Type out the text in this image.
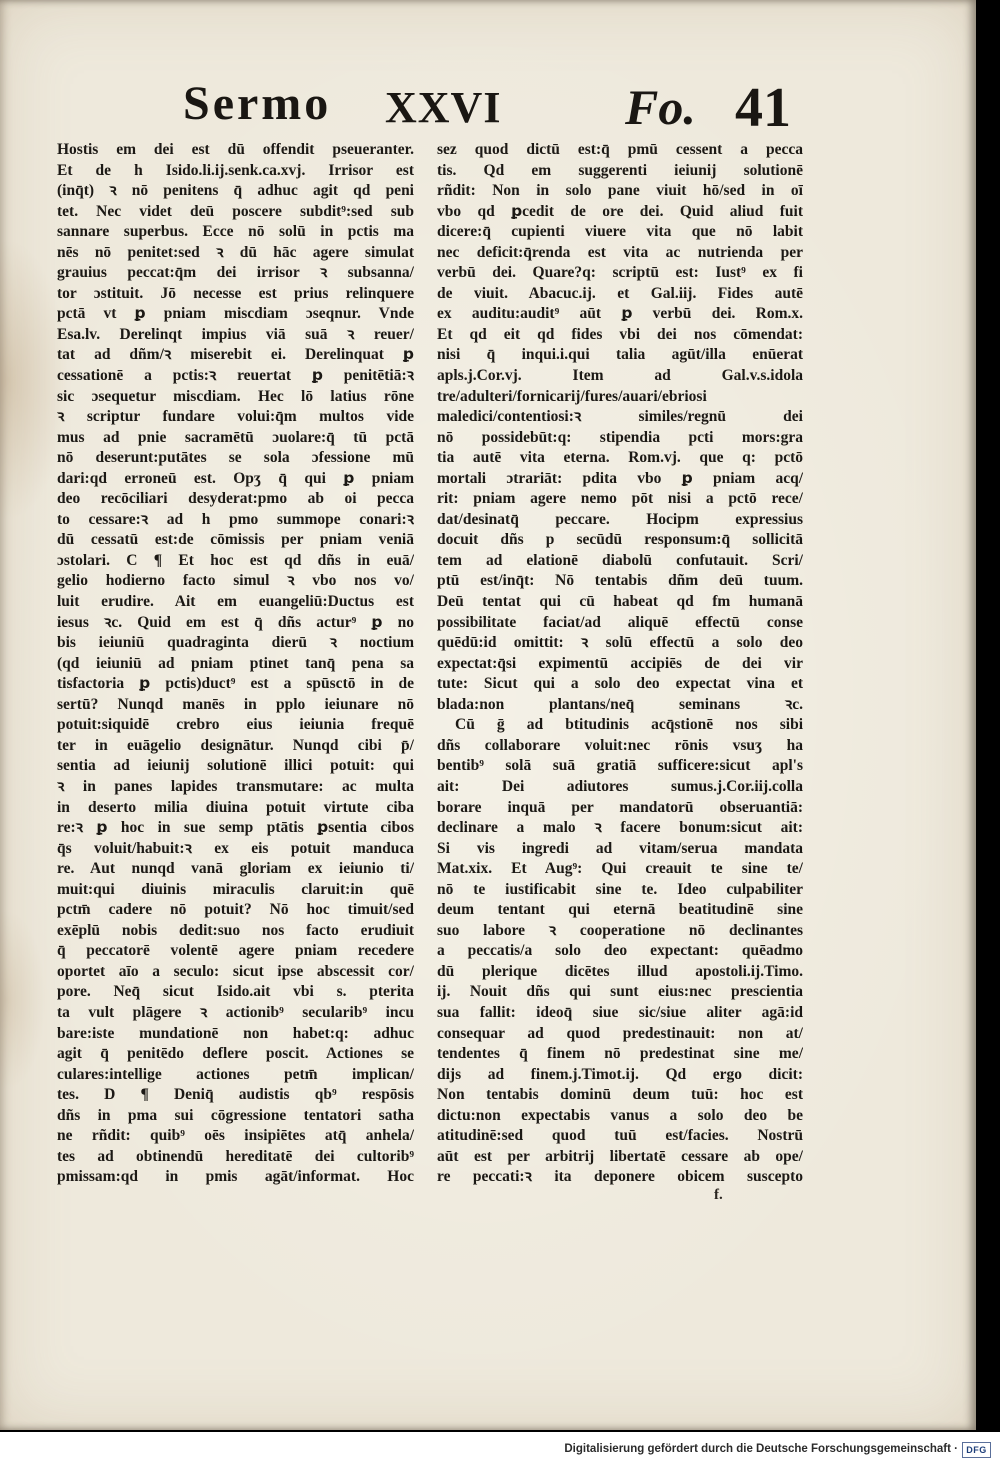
Sermo XXVI Fo. 41
Hostis em dei est dū offendit pseueranter.
Et de h Isido.li.ij.senk.ca.xvj. Irrisor est
(inq̄t) ꝛ nō penitens q̄ adhuc agit qd peni
tet. Nec videt deū poscere subdit⁹:sed sub
sannare superbus. Ecce nō solū in pctis ma
nēs nō penitet:sed ꝛ dū hāc agere simulat
grauius peccat:q̄m dei irrisor ꝛ subsanna/
tor ɔstituit. Jō necesse est prius relinquere
pctā vt ꝑ pniam miscdiam ɔseqnur. Vnde
Esa.lv. Derelinqt impius viā suā ꝛ reuer/
tat ad dñm/ꝛ miserebit ei. Derelinquat ꝑ
cessationē a pctis:ꝛ reuertat ꝑ penitētiā:ꝛ
sic ɔsequetur miscdiam. Hec lō latius rōne
ꝛ scriptur fundare volui:q̄m multos vide
mus ad pnie sacramētū ɔuolare:q̄ tū pctā
nō deserunt:putātes se sola ɔfessione mū
dari:qd erroneū est. Opʒ q̄ qui ꝑ pniam
deo recōciliari desyderat:pmo ab oi pecca
to cessare:ꝛ ad h pmo summope conari:ꝛ
dū cessatū est:de cōmissis per pniam veniā
ɔstolari. C ¶ Et hoc est qd dñs in euā/
gelio hodierno facto simul ꝛ vbo nos vo/
luit erudire. Ait em euangeliū:Ductus est
iesus ꝛc. Quid em est q̄ dñs actur⁹ ꝑ no
bis ieiuniū quadraginta dierū ꝛ noctium
(qd ieiuniū ad pniam ptinet tanq̄ pena sa
tisfactoria ꝑ pctis)duct⁹ est a spūsctō in de
sertū? Nunqd manēs in pplo ieiunare nō
potuit:siquidē crebro eius ieiunia frequē
ter in euāgelio designātur. Nunqd cibi p̄/
sentia ad ieiunij solutionē illici potuit: qui
ꝛ in panes lapides transmutare: ac multa
in deserto milia diuina potuit virtute ciba
re:ꝛ ꝑ hoc in sue semp ptātis ꝑsentia cibos
q̄s voluit/habuit:ꝛ ex eis potuit manduca
re. Aut nunqd vanā gloriam ex ieiunio ti/
muit:qui diuinis miraculis claruit:in quē
pctm̄ cadere nō potuit? Nō hoc timuit/sed
exēplū nobis dedit:suo nos facto erudiuit
q̄ peccatorē volentē agere pniam recedere
oportet aīo a seculo: sicut ipse abscessit cor/
pore. Neq̄ sicut Isido.ait vbi s. pterita
ta vult plāgere ꝛ actionib⁹ secularib⁹ incu
bare:iste mundationē non habet:q: adhuc
agit q̄ penitēdo deflere poscit. Actiones se
culares:intellige actiones petm̄ implican/
tes. D ¶ Deniq̄ audistis qb⁹ respōsis
dñs in pma sui cōgressione tentatori satha
ne rñdit: quib⁹ oēs insipiētes atq̄ anhela/
tes ad obtinendū hereditatē dei cultorib⁹
pmissam:qd in pmis agāt/informat. Hoc
sez quod dictū est:q̄ pmū cessent a pecca
tis. Qd em suggerenti ieiunij solutionē
rñdit: Non in solo pane viuit hō/sed in oī
vbo qd ꝑcedit de ore dei. Quid aliud fuit
dicere:q̄ cupienti viuere vita que nō labit
nec deficit:q̄renda est vita ac nutrienda per
verbū dei. Quare?q: scriptū est: Iust⁹ ex fi
de viuit. Abacuc.ij. et Gal.iij. Fides autē
ex auditu:audit⁹ aūt ꝑ verbū dei. Rom.x.
Et qd eit qd fides vbi dei nos cōmendat:
nisi q̄ inqui.i.qui talia agūt/illa enūerat
apls.j.Cor.vj. Item ad Gal.v.s.idola
tre/adulteri/fornicarij/fures/auari/ebriosi
maledici/contentiosi:ꝛ similes/regnū dei
nō possidebūt:q: stipendia pcti mors:gra
tia autē vita eterna. Rom.vj. que q: pctō
mortali ɔtrariāt: pdita vbo ꝑ pniam acq/
rit: pniam agere nemo pōt nisi a pctō rece/
dat/desinatq̄ peccare. Hocipm expressius
docuit dñs p secūdū responsum:q̄ sollicitā
tem ad elationē diabolū confutauit. Scri/
ptū est/inq̄t: Nō tentabis dñm deū tuum.
Deū tentat qui cū habeat qd fm humanā
possibilitate faciat/ad aliquē effectū conse
quēdū:id omittit: ꝛ solū effectū a solo deo
expectat:q̄si expimentū accipiēs de dei vir
tute: Sicut qui a solo deo expectat vina et
blada:non plantans/neq̄ seminans ꝛc.
Cū ḡ ad btitudinis acq̄stionē nos sibi
dñs collaborare voluit:nec rōnis vsuʒ ha
bentib⁹ solā suā gratiā sufficere:sicut apl's
ait: Dei adiutores sumus.j.Cor.iij.colla
borare inquā per mandatorū obseruantiā:
declinare a malo ꝛ facere bonum:sicut ait:
Si vis ingredi ad vitam/serua mandata
Mat.xix. Et Aug⁹: Qui creauit te sine te/
nō te iustificabit sine te. Ideo culpabiliter
deum tentant qui eternā beatitudinē sine
suo labore ꝛ cooperatione nō declinantes
a peccatis/a solo deo expectant: quēadmo
dū plerique dicētes illud apostoli.ij.Timo.
ij. Nouit dñs qui sunt eius:nec prescientia
sua fallit: ideoq̄ siue sic/siue aliter agā:id
consequar ad quod predestinauit: non at/
tendentes q̄ finem nō predestinat sine me/
dijs ad finem.j.Timot.ij. Qd ergo dicit:
Non tentabis dominū deum tuū: hoc est
dictu:non expectabis vanus a solo deo be
atitudinē:sed quod tuū est/facies. Nostrū
aūt est per arbitrij libertatē cessare ab ope/
re peccati:ꝛ ita deponere obicem suscepto
f.
Digitalisierung gefördert durch die Deutsche Forschungsgemeinschaft · DFG
